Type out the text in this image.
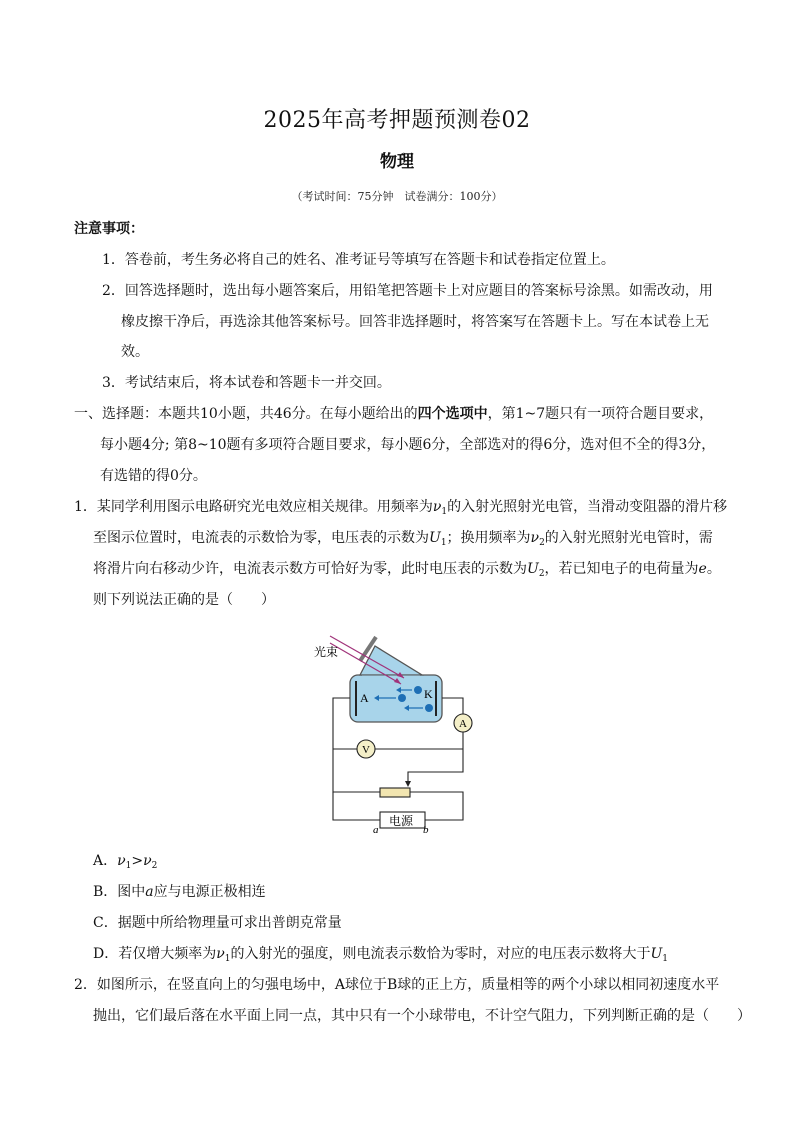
2025年高考押题预测卷02
物理
（考试时间：75分钟　试卷满分：100分）
注意事项：
1．答卷前，考生务必将自己的姓名、准考证号等填写在答题卡和试卷指定位置上。
2．回答选择题时，选出每小题答案后，用铅笔把答题卡上对应题目的答案标号涂黑。如需改动，用
橡皮擦干净后，再选涂其他答案标号。回答非选择题时，将答案写在答题卡上。写在本试卷上无
效。
3．考试结束后，将本试卷和答题卡一并交回。
一、选择题：本题共10小题，共46分。在每小题给出的四个选项中，第1~7题只有一项符合题目要求，
每小题4分; 第8~10题有多项符合题目要求，每小题6分，全部选对的得6分，选对但不全的得3分，
有选错的得0分。
1．某同学利用图示电路研究光电效应相关规律。用频率为$\nu_1$的入射光照射光电管，当滑动变阻器的滑片移
至图示位置时，电流表的示数恰为零，电压表的示数为$U_1$；换用频率为$\nu_2$的入射光照射光电管时，需
将滑片向右移动少许，电流表示数方可恰好为零，此时电压表的示数为$U_2$，若已知电子的电荷量为e。
则下列说法正确的是（　　）
光束
A	K
A
V
电源
a	b
A．$\nu_1>\nu_2$
B．图中a应与电源正极相连
C．据题中所给物理量可求出普朗克常量
D．若仅增大频率为$\nu_1$的入射光的强度，则电流表示数恰为零时，对应的电压表示数将大于$U_1$
2．如图所示，在竖直向上的匀强电场中，A球位于B球的正上方，质量相等的两个小球以相同初速度水平
抛出，它们最后落在水平面上同一点，其中只有一个小球带电，不计空气阻力，下列判断正确的是（　　）
